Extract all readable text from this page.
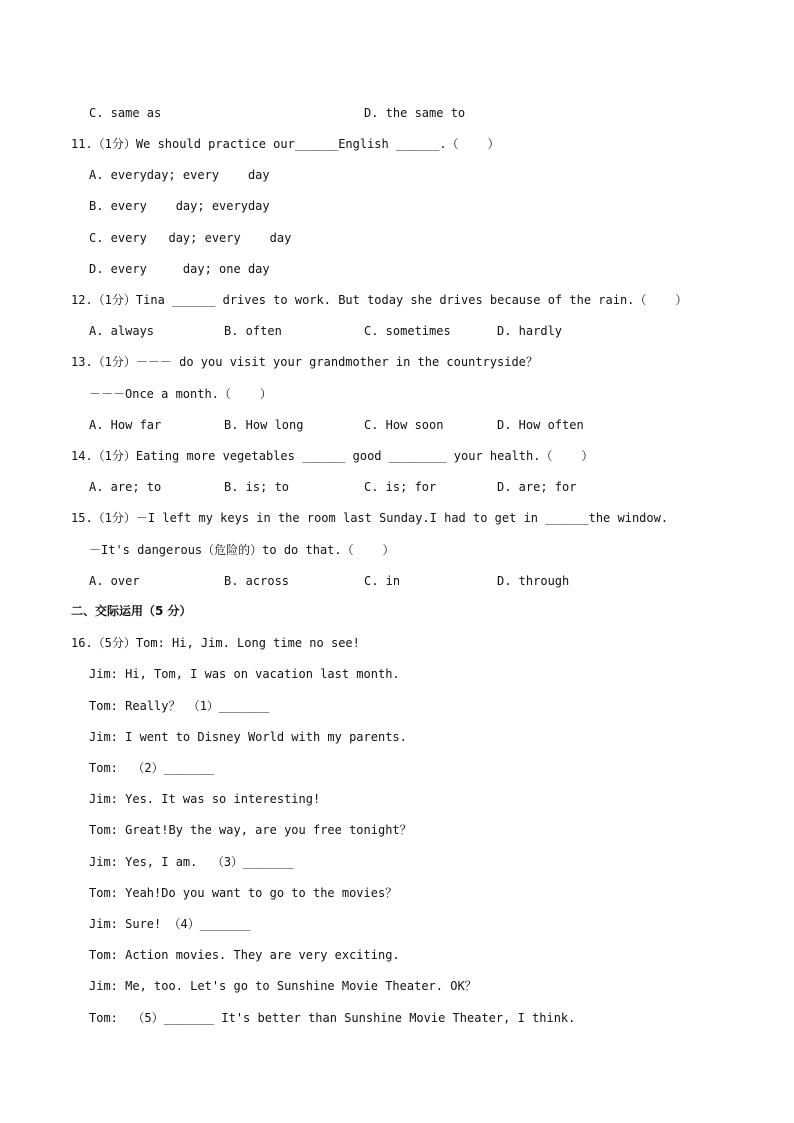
C. same as	D. the same to
11.（1分）We should practice our______English ______.（    ）
A. everyday; every    day
B. every    day; everyday
C. every   day; every    day
D. every     day; one day
12.（1分）Tina ______ drives to work. But today she drives because of the rain.（    ）
A. always	B. often	C. sometimes	D. hardly
13.（1分）－－－ do you visit your grandmother in the countryside？
－－－Once a month.（    ）
A. How far	B. How long	C. How soon	D. How often
14.（1分）Eating more vegetables ______ good ________ your health.（    ）
A. are; to	B. is; to	C. is; for	D. are; for
15.（1分）－I left my keys in the room last Sunday.I had to get in ______the window.
－It's dangerous（危险的）to do that.（    ）
A. over	B. across	C. in	D. through
二、交际运用（5 分）
16.（5分）Tom: Hi, Jim. Long time no see!
Jim: Hi, Tom, I was on vacation last month.
Tom: Really？ （1）_______
Jim: I went to Disney World with my parents.
Tom:  （2）_______
Jim: Yes. It was so interesting!
Tom: Great!By the way, are you free tonight？
Jim: Yes, I am.  （3）_______
Tom: Yeah!Do you want to go to the movies？
Jim: Sure! （4）_______
Tom: Action movies. They are very exciting.
Jim: Me, too. Let's go to Sunshine Movie Theater. OK？
Tom:  （5）_______ It's better than Sunshine Movie Theater, I think.
